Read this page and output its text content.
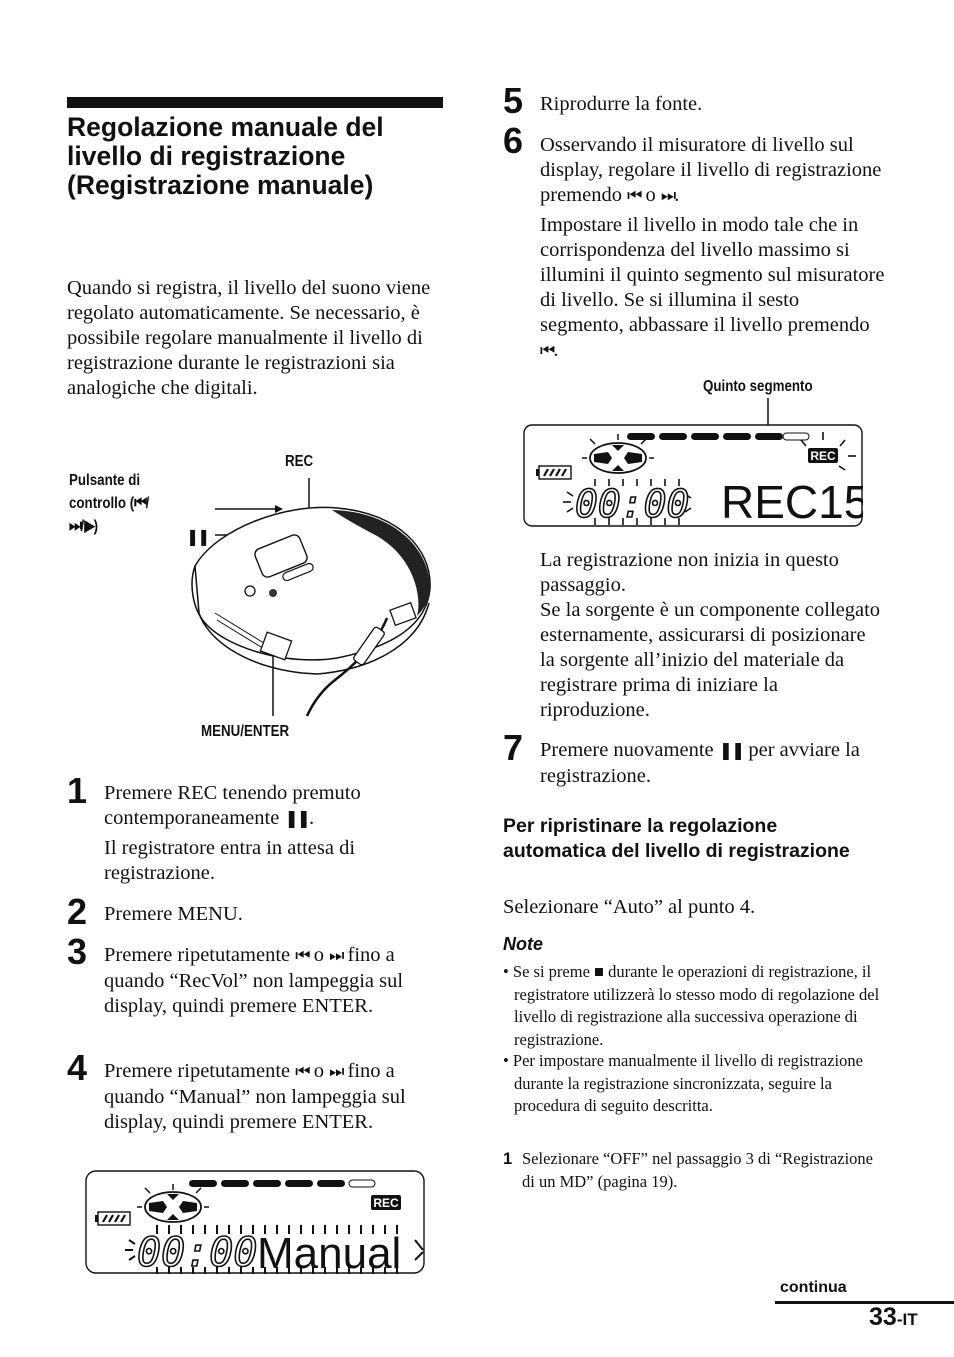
Regolazione manuale del livello di registrazione (Registrazione manuale)
Quando si registra, il livello del suono viene regolato automaticamente. Se necessario, è possibile regolare manualmente il livello di registrazione durante le registrazioni sia analogiche che digitali.
Pulsante di
controllo (⏮/
⏭/▶)
REC
❚❚
MENU/ENTER
1 Premere REC tenendo premuto contemporaneamente ❚❚.
Il registratore entra in attesa di registrazione.
2 Premere MENU.
3 Premere ripetutamente ⏮ o ⏭ fino a quando “RecVol” non lampeggia sul display, quindi premere ENTER.
4 Premere ripetutamente ⏮ o ⏭ fino a quando “Manual” non lampeggia sul display, quindi premere ENTER.
REC
00:00 Manual
5 Riprodurre la fonte.
6 Osservando il misuratore di livello sul display, regolare il livello di registrazione premendo ⏮ o ⏭.
Impostare il livello in modo tale che in corrispondenza del livello massimo si illumini il quinto segmento sul misuratore di livello. Se si illumina il sesto segmento, abbassare il livello premendo ⏮.
Quinto segmento
REC
00:00 REC15
La registrazione non inizia in questo passaggio.
Se la sorgente è un componente collegato esternamente, assicurarsi di posizionare la sorgente all’inizio del materiale da registrare prima di iniziare la riproduzione.
7 Premere nuovamente ❚❚ per avviare la registrazione.
Per ripristinare la regolazione automatica del livello di registrazione
Selezionare “Auto” al punto 4.
Note
• Se si preme ■ durante le operazioni di registrazione, il registratore utilizzerà lo stesso modo di regolazione del livello di registrazione alla successiva operazione di registrazione.
• Per impostare manualmente il livello di registrazione durante la registrazione sincronizzata, seguire la procedura di seguito descritta.
1 Selezionare “OFF” nel passaggio 3 di “Registrazione di un MD” (pagina 19).
continua
33-IT
